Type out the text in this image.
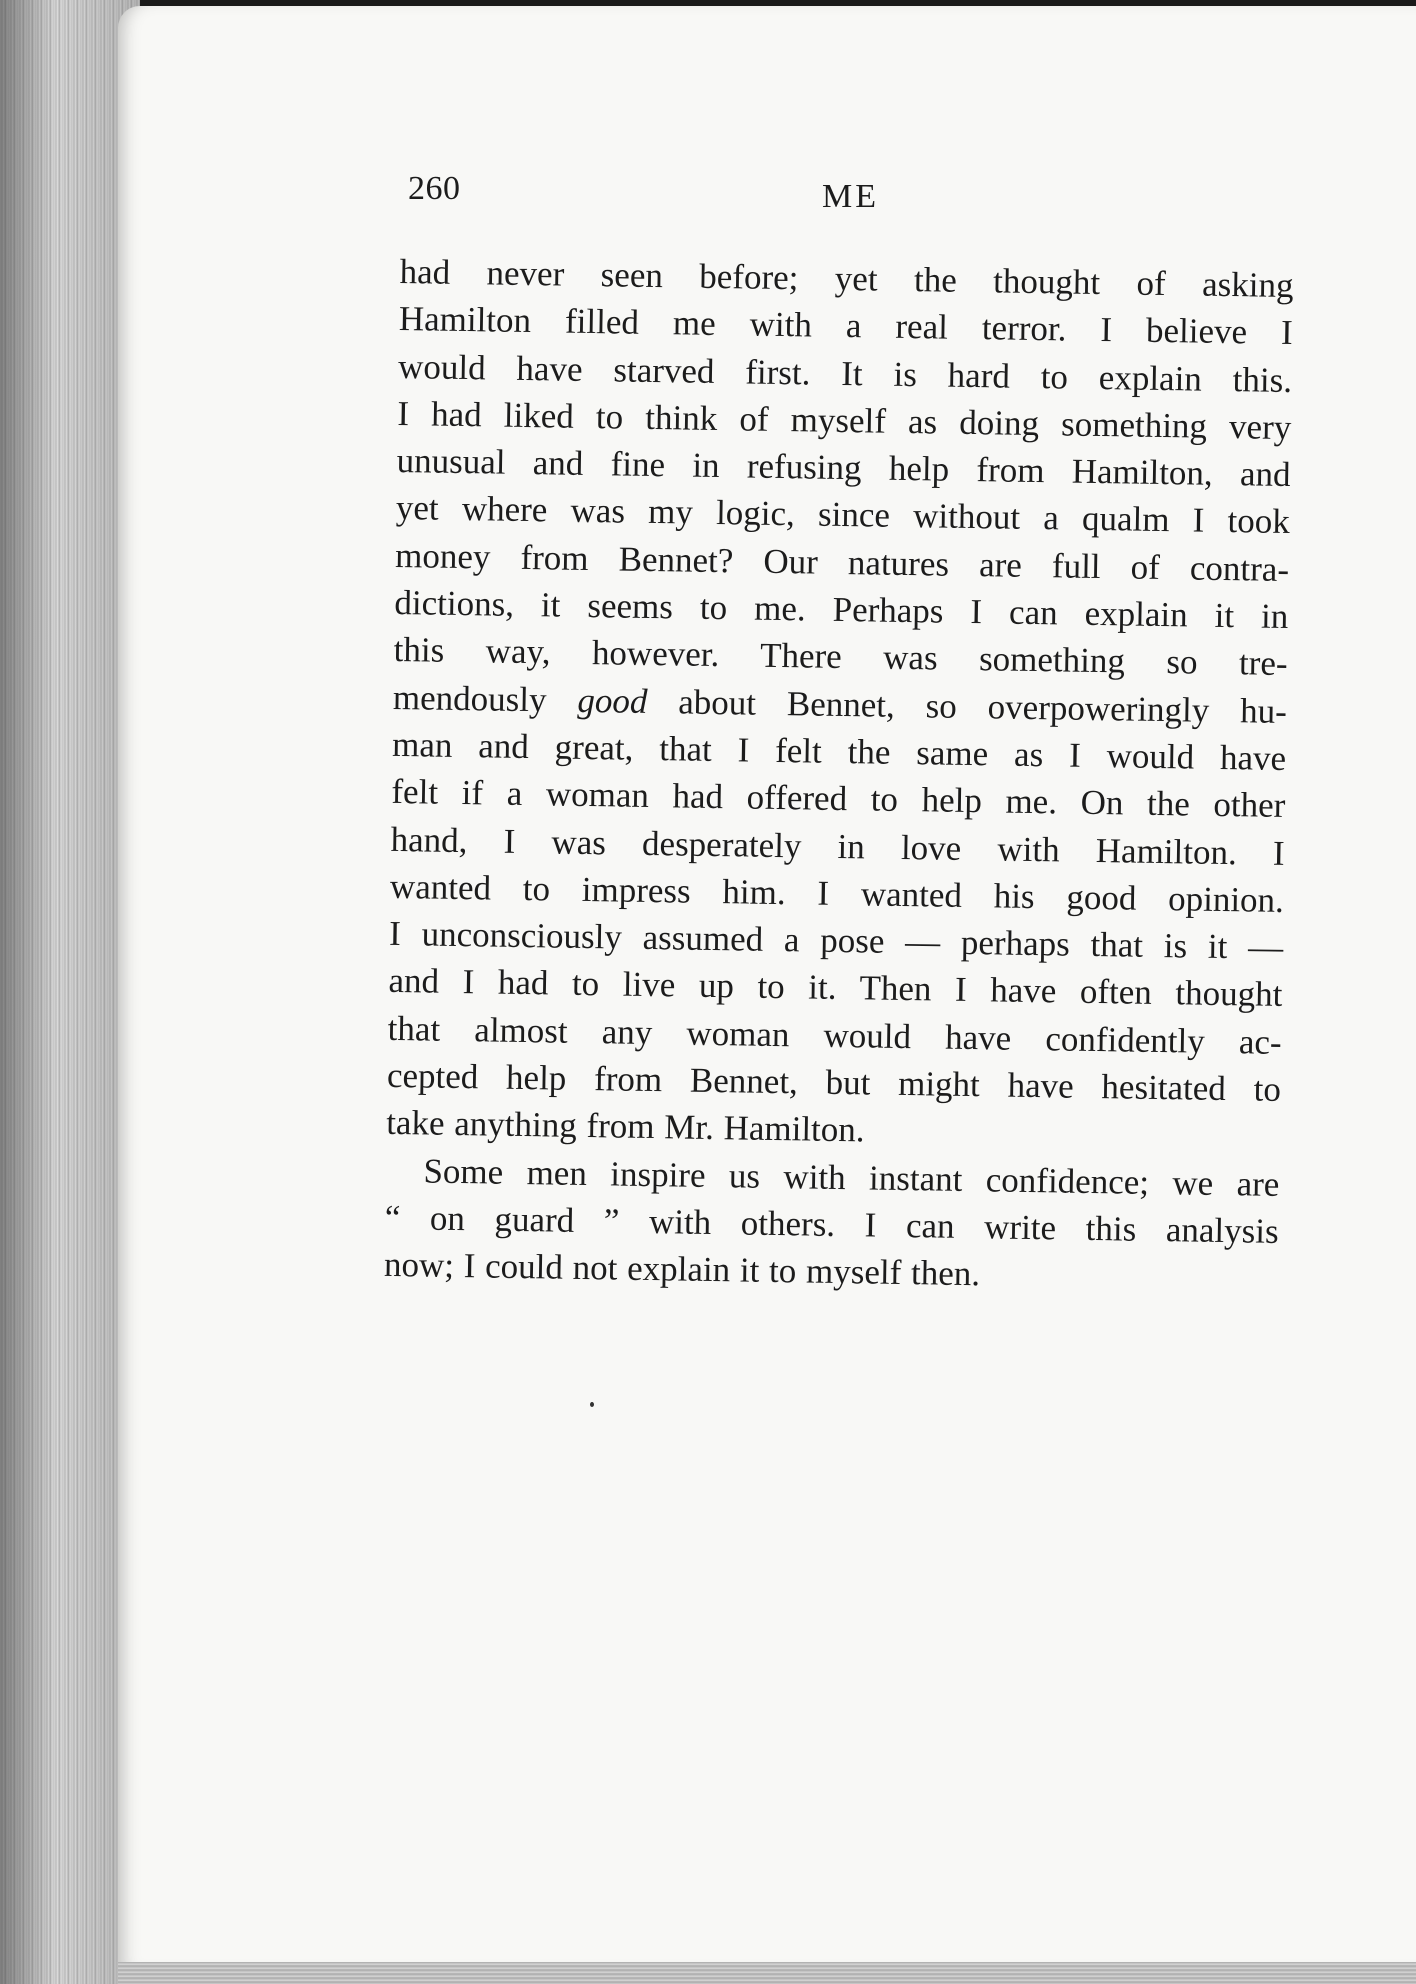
260	ME

had never seen before; yet the thought of asking
Hamilton filled me with a real terror. I believe I
would have starved first. It is hard to explain this.
I had liked to think of myself as doing something very
unusual and fine in refusing help from Hamilton, and
yet where was my logic, since without a qualm I took
money from Bennet? Our natures are full of contra-
dictions, it seems to me. Perhaps I can explain it in
this way, however. There was something so tre-
mendously good about Bennet, so overpoweringly hu-
man and great, that I felt the same as I would have
felt if a woman had offered to help me. On the other
hand, I was desperately in love with Hamilton. I
wanted to impress him. I wanted his good opinion.
I unconsciously assumed a pose — perhaps that is it —
and I had to live up to it. Then I have often thought
that almost any woman would have confidently ac-
cepted help from Bennet, but might have hesitated to
take anything from Mr. Hamilton.

Some men inspire us with instant confidence; we are
“ on guard ” with others. I can write this analysis
now; I could not explain it to myself then.
